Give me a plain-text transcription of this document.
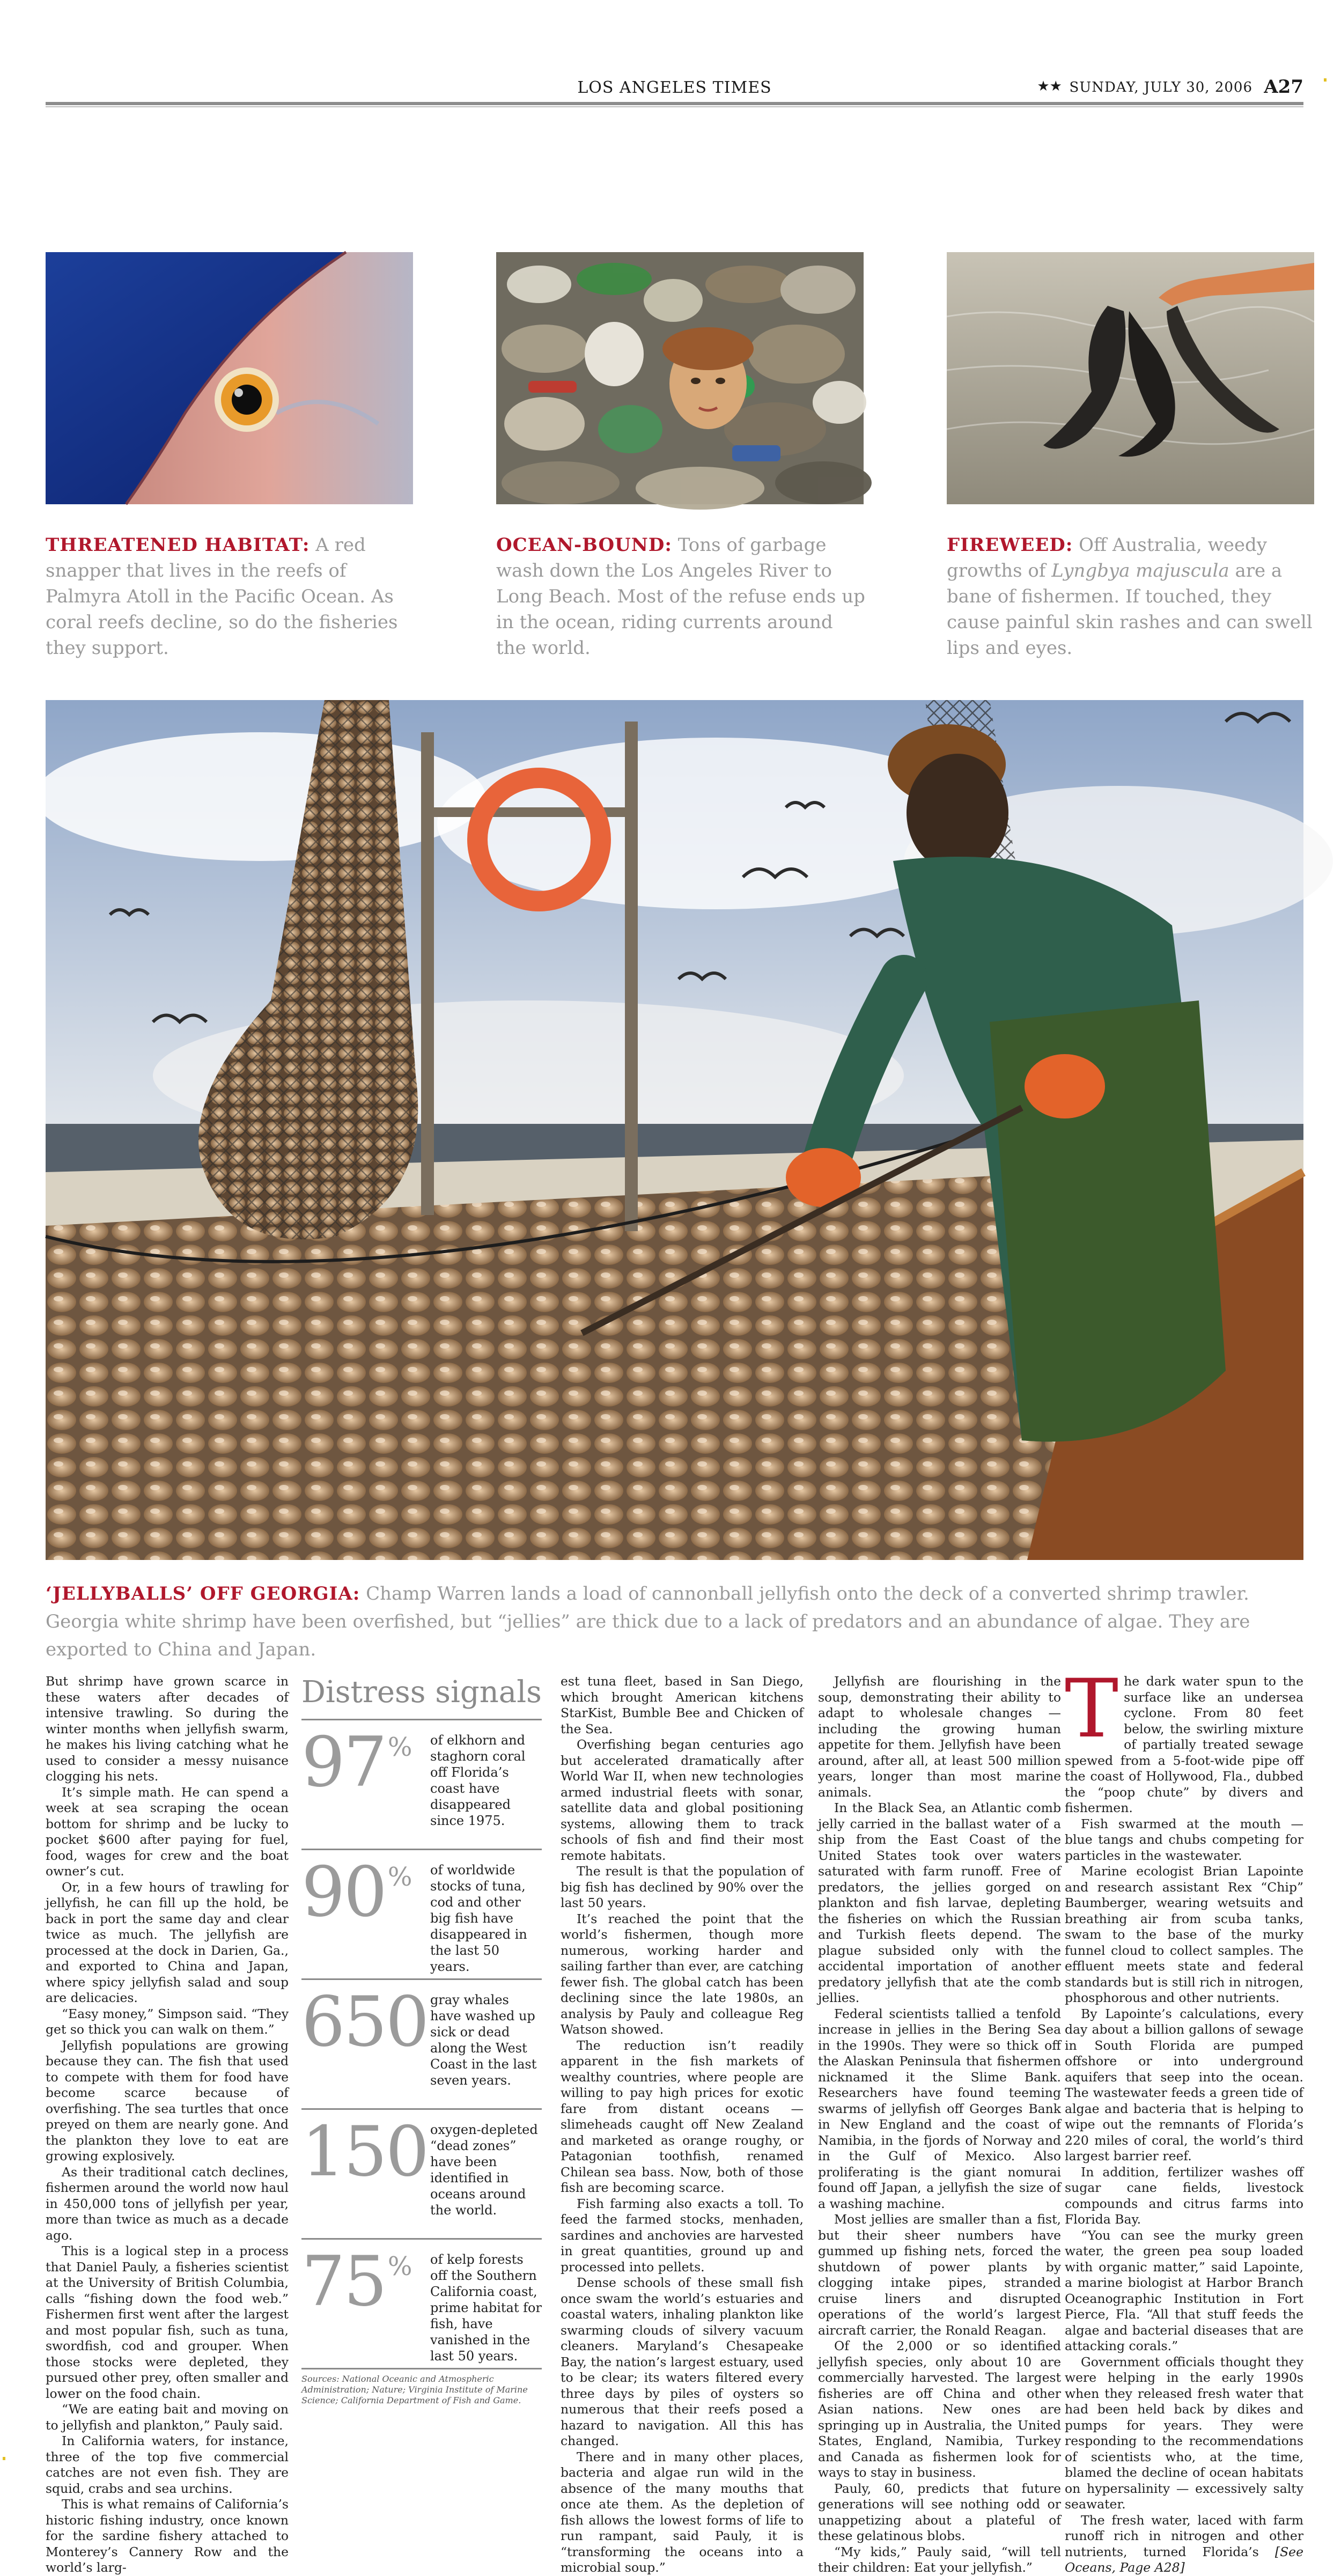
LOS ANGELES TIMES	★★ SUNDAY, JULY 30, 2006 A27
THREATENED HABITAT: A red snapper that lives in the reefs of Palmyra Atoll in the Pacific Ocean. As coral reefs decline, so do the fisheries they support.
OCEAN-BOUND: Tons of garbage wash down the Los Angeles River to Long Beach. Most of the refuse ends up in the ocean, riding currents around the world.
FIREWEED: Off Australia, weedy growths of Lyngbya majuscula are a bane of fishermen. If touched, they cause painful skin rashes and can swell lips and eyes.
‘JELLYBALLS’ OFF GEORGIA: Champ Warren lands a load of cannonball jellyfish onto the deck of a converted shrimp trawler. Georgia white shrimp have been overfished, but “jellies” are thick due to a lack of predators and an abundance of algae. They are exported to China and Japan.

But shrimp have grown scarce in these waters after decades of intensive trawling. So during the winter months when jellyfish swarm, he makes his living catching what he used to consider a messy nuisance clogging his nets.

It’s simple math. He can spend a week at sea scraping the ocean bottom for shrimp and be lucky to pocket $600 after paying for fuel, food, wages for crew and the boat owner’s cut.

Or, in a few hours of trawling for jellyfish, he can fill up the hold, be back in port the same day and clear twice as much. The jellyfish are processed at the dock in Darien, Ga., and exported to China and Japan, where spicy jellyfish salad and soup are delicacies.

“Easy money,” Simpson said. “They get so thick you can walk on them.”

Jellyfish populations are growing because they can. The fish that used to compete with them for food have become scarce because of overfishing. The sea turtles that once preyed on them are nearly gone. And the plankton they love to eat are growing explosively.

As their traditional catch declines, fishermen around the world now haul in 450,000 tons of jellyfish per year, more than twice as much as a decade ago.

This is a logical step in a process that Daniel Pauly, a fisheries scientist at the University of British Columbia, calls “fishing down the food web.” Fishermen first went after the largest and most popular fish, such as tuna, swordfish, cod and grouper. When those stocks were depleted, they pursued other prey, often smaller and lower on the food chain.

“We are eating bait and moving on to jellyfish and plankton,” Pauly said.

In California waters, for instance, three of the top five commercial catches are not even fish. They are squid, crabs and sea urchins.

This is what remains of California’s historic fishing industry, once known for the sardine fishery attached to Monterey’s Cannery Row and the world’s larg-

Distress signals
97% of elkhorn and staghorn coral off Florida’s coast have disappeared since 1975.
90% of worldwide stocks of tuna, cod and other big fish have disappeared in the last 50 years.
650 gray whales have washed up sick or dead along the West Coast in the last seven years.
150 oxygen-depleted “dead zones” have been identified in oceans around the world.
75% of kelp forests off the Southern California coast, prime habitat for fish, have vanished in the last 50 years.
Sources: National Oceanic and Atmospheric Administration; Nature; Virginia Institute of Marine Science; California Department of Fish and Game.

est tuna fleet, based in San Diego, which brought American kitchens StarKist, Bumble Bee and Chicken of the Sea.

Overfishing began centuries ago but accelerated dramatically after World War II, when new technologies armed industrial fleets with sonar, satellite data and global positioning systems, allowing them to track schools of fish and find their most remote habitats.

The result is that the population of big fish has declined by 90% over the last 50 years.

It’s reached the point that the world’s fishermen, though more numerous, working harder and sailing farther than ever, are catching fewer fish. The global catch has been declining since the late 1980s, an analysis by Pauly and colleague Reg Watson showed.

The reduction isn’t readily apparent in the fish markets of wealthy countries, where people are willing to pay high prices for exotic fare from distant oceans — slimeheads caught off New Zealand and marketed as orange roughy, or Patagonian toothfish, renamed Chilean sea bass. Now, both of those fish are becoming scarce.

Fish farming also exacts a toll. To feed the farmed stocks, menhaden, sardines and anchovies are harvested in great quantities, ground up and processed into pellets.

Dense schools of these small fish once swam the world’s estuaries and coastal waters, inhaling plankton like swarming clouds of silvery vacuum cleaners. Maryland’s Chesapeake Bay, the nation’s largest estuary, used to be clear; its waters filtered every three days by piles of oysters so numerous that their reefs posed a hazard to navigation. All this has changed.

There and in many other places, bacteria and algae run wild in the absence of the many mouths that once ate them. As the depletion of fish allows the lowest forms of life to run rampant, said Pauly, it is “transforming the oceans into a microbial soup.”

Jellyfish are flourishing in the soup, demonstrating their ability to adapt to wholesale changes — including the growing human appetite for them. Jellyfish have been around, after all, at least 500 million years, longer than most marine animals.

In the Black Sea, an Atlantic comb jelly carried in the ballast water of a ship from the East Coast of the United States took over waters saturated with farm runoff. Free of predators, the jellies gorged on plankton and fish larvae, depleting the fisheries on which the Russian and Turkish fleets depend. The plague subsided only with the accidental importation of another predatory jellyfish that ate the comb jellies.

Federal scientists tallied a tenfold increase in jellies in the Bering Sea in the 1990s. They were so thick off the Alaskan Peninsula that fishermen nicknamed it the Slime Bank. Researchers have found teeming swarms of jellyfish off Georges Bank in New England and the coast of Namibia, in the fjords of Norway and in the Gulf of Mexico. Also proliferating is the giant nomurai found off Japan, a jellyfish the size of a washing machine.

Most jellies are smaller than a fist, but their sheer numbers have gummed up fishing nets, forced the shutdown of power plants by clogging intake pipes, stranded cruise liners and disrupted operations of the world’s largest aircraft carrier, the Ronald Reagan.

Of the 2,000 or so identified jellyfish species, only about 10 are commercially harvested. The largest fisheries are off China and other Asian nations. New ones are springing up in Australia, the United States, England, Namibia, Turkey and Canada as fishermen look for ways to stay in business.

Pauly, 60, predicts that future generations will see nothing odd or unappetizing about a plateful of these gelatinous blobs.

“My kids,” Pauly said, “will tell their children: Eat your jellyfish.”

The dark water spun to the surface like an undersea cyclone. From 80 feet below, the swirling mixture of partially treated sewage spewed from a 5-foot-wide pipe off the coast of Hollywood, Fla., dubbed the “poop chute” by divers and fishermen.

Fish swarmed at the mouth — blue tangs and chubs competing for particles in the wastewater.

Marine ecologist Brian Lapointe and research assistant Rex “Chip” Baumberger, wearing wetsuits and breathing air from scuba tanks, swam to the base of the murky funnel cloud to collect samples. The effluent meets state and federal standards but is still rich in nitrogen, phosphorous and other nutrients.

By Lapointe’s calculations, every day about a billion gallons of sewage in South Florida are pumped offshore or into underground aquifers that seep into the ocean. The wastewater feeds a green tide of algae and bacteria that is helping to wipe out the remnants of Florida’s 220 miles of coral, the world’s third largest barrier reef.

In addition, fertilizer washes off sugar cane fields, livestock compounds and citrus farms into Florida Bay.

“You can see the murky green water, the green pea soup loaded with organic matter,” said Lapointe, a marine biologist at Harbor Branch Oceanographic Institution in Fort Pierce, Fla. “All that stuff feeds the algae and bacterial diseases that are attacking corals.”

Government officials thought they were helping in the early 1990s when they released fresh water that had been held back by dikes and pumps for years. They were responding to the recommendations of scientists who, at the time, blamed the decline of ocean habitats on hypersalinity — excessively salty seawater.

The fresh water, laced with farm runoff rich in nitrogen and other nutrients, turned Florida’s [See Oceans, Page A28]
